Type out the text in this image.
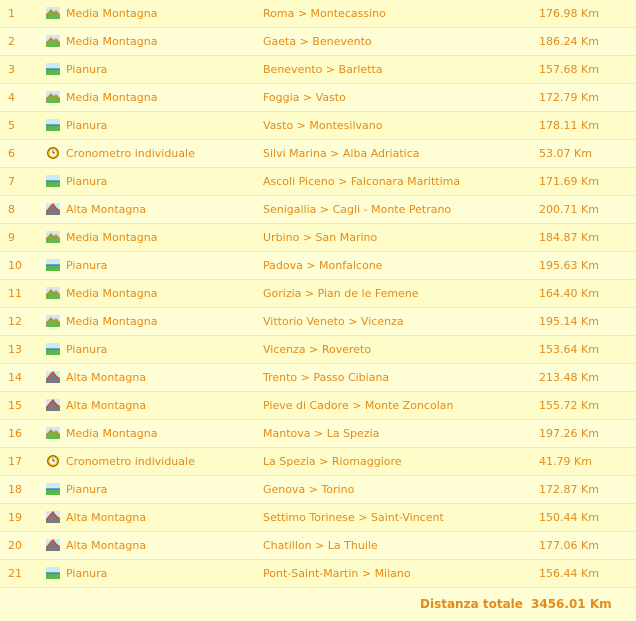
1	Media Montagna	Roma > Montecassino	176.98 Km
2	Media Montagna	Gaeta > Benevento	186.24 Km
3	Pianura	Benevento > Barletta	157.68 Km
4	Media Montagna	Foggia > Vasto	172.79 Km
5	Pianura	Vasto > Montesilvano	178.11 Km
6	Cronometro individuale	Silvi Marina > Alba Adriatica	53.07 Km
7	Pianura	Ascoli Piceno > Falconara Marittima	171.69 Km
8	Alta Montagna	Senigallia > Cagli - Monte Petrano	200.71 Km
9	Media Montagna	Urbino > San Marino	184.87 Km
10	Pianura	Padova > Monfalcone	195.63 Km
11	Media Montagna	Gorizia > Pian de le Femene	164.40 Km
12	Media Montagna	Vittorio Veneto > Vicenza	195.14 Km
13	Pianura	Vicenza > Rovereto	153.64 Km
14	Alta Montagna	Trento > Passo Cibiana	213.48 Km
15	Alta Montagna	Pieve di Cadore > Monte Zoncolan	155.72 Km
16	Media Montagna	Mantova > La Spezia	197.26 Km
17	Cronometro individuale	La Spezia > Riomaggiore	41.79 Km
18	Pianura	Genova > Torino	172.87 Km
19	Alta Montagna	Settimo Torinese > Saint-Vincent	150.44 Km
20	Alta Montagna	Chatillon > La Thuile	177.06 Km
21	Pianura	Pont-Saint-Martin > Milano	156.44 Km
Distanza totale 3456.01 Km
